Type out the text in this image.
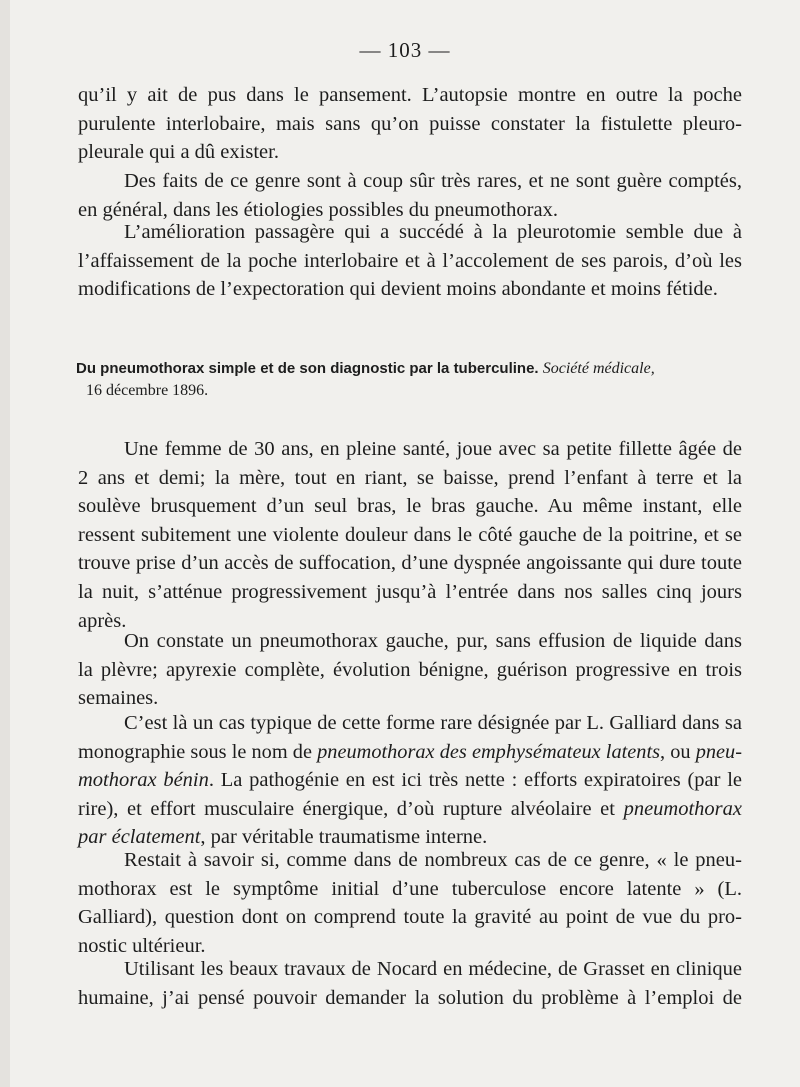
— 103 —
qu’il y ait de pus dans le pansement. L’autopsie montre en outre la poche
purulente interlobaire, mais sans qu’on puisse constater la fistulette pleuro-
pleurale qui a dû exister.
Des faits de ce genre sont à coup sûr très rares, et ne sont guère comptés,
en général, dans les étiologies possibles du pneumothorax.
L’amélioration passagère qui a succédé à la pleurotomie semble due à
l’affaissement de la poche interlobaire et à l’accolement de ses parois, d’où les
modifications de l’expectoration qui devient moins abondante et moins fétide.
Du pneumothorax simple et de son diagnostic par la tuberculine. Société médicale,
16 décembre 1896.
Une femme de 30 ans, en pleine santé, joue avec sa petite fillette âgée de
2 ans et demi; la mère, tout en riant, se baisse, prend l’enfant à terre et la
soulève brusquement d’un seul bras, le bras gauche. Au même instant, elle
ressent subitement une violente douleur dans le côté gauche de la poitrine, et se
trouve prise d’un accès de suffocation, d’une dyspnée angoissante qui dure toute
la nuit, s’atténue progressivement jusqu’à l’entrée dans nos salles cinq jours
après.
On constate un pneumothorax gauche, pur, sans effusion de liquide dans
la plèvre; apyrexie complète, évolution bénigne, guérison progressive en trois
semaines.
C’est là un cas typique de cette forme rare désignée par L. Galliard dans sa
monographie sous le nom de pneumothorax des emphysémateux latents, ou pneu-
mothorax bénin. La pathogénie en est ici très nette : efforts expiratoires (par le
rire), et effort musculaire énergique, d’où rupture alvéolaire et pneumothorax
par éclatement, par véritable traumatisme interne.
Restait à savoir si, comme dans de nombreux cas de ce genre, « le pneu-
mothorax est le symptôme initial d’une tuberculose encore latente » (L.
Galliard), question dont on comprend toute la gravité au point de vue du pro-
nostic ultérieur.
Utilisant les beaux travaux de Nocard en médecine, de Grasset en clinique
humaine, j’ai pensé pouvoir demander la solution du problème à l’emploi de
